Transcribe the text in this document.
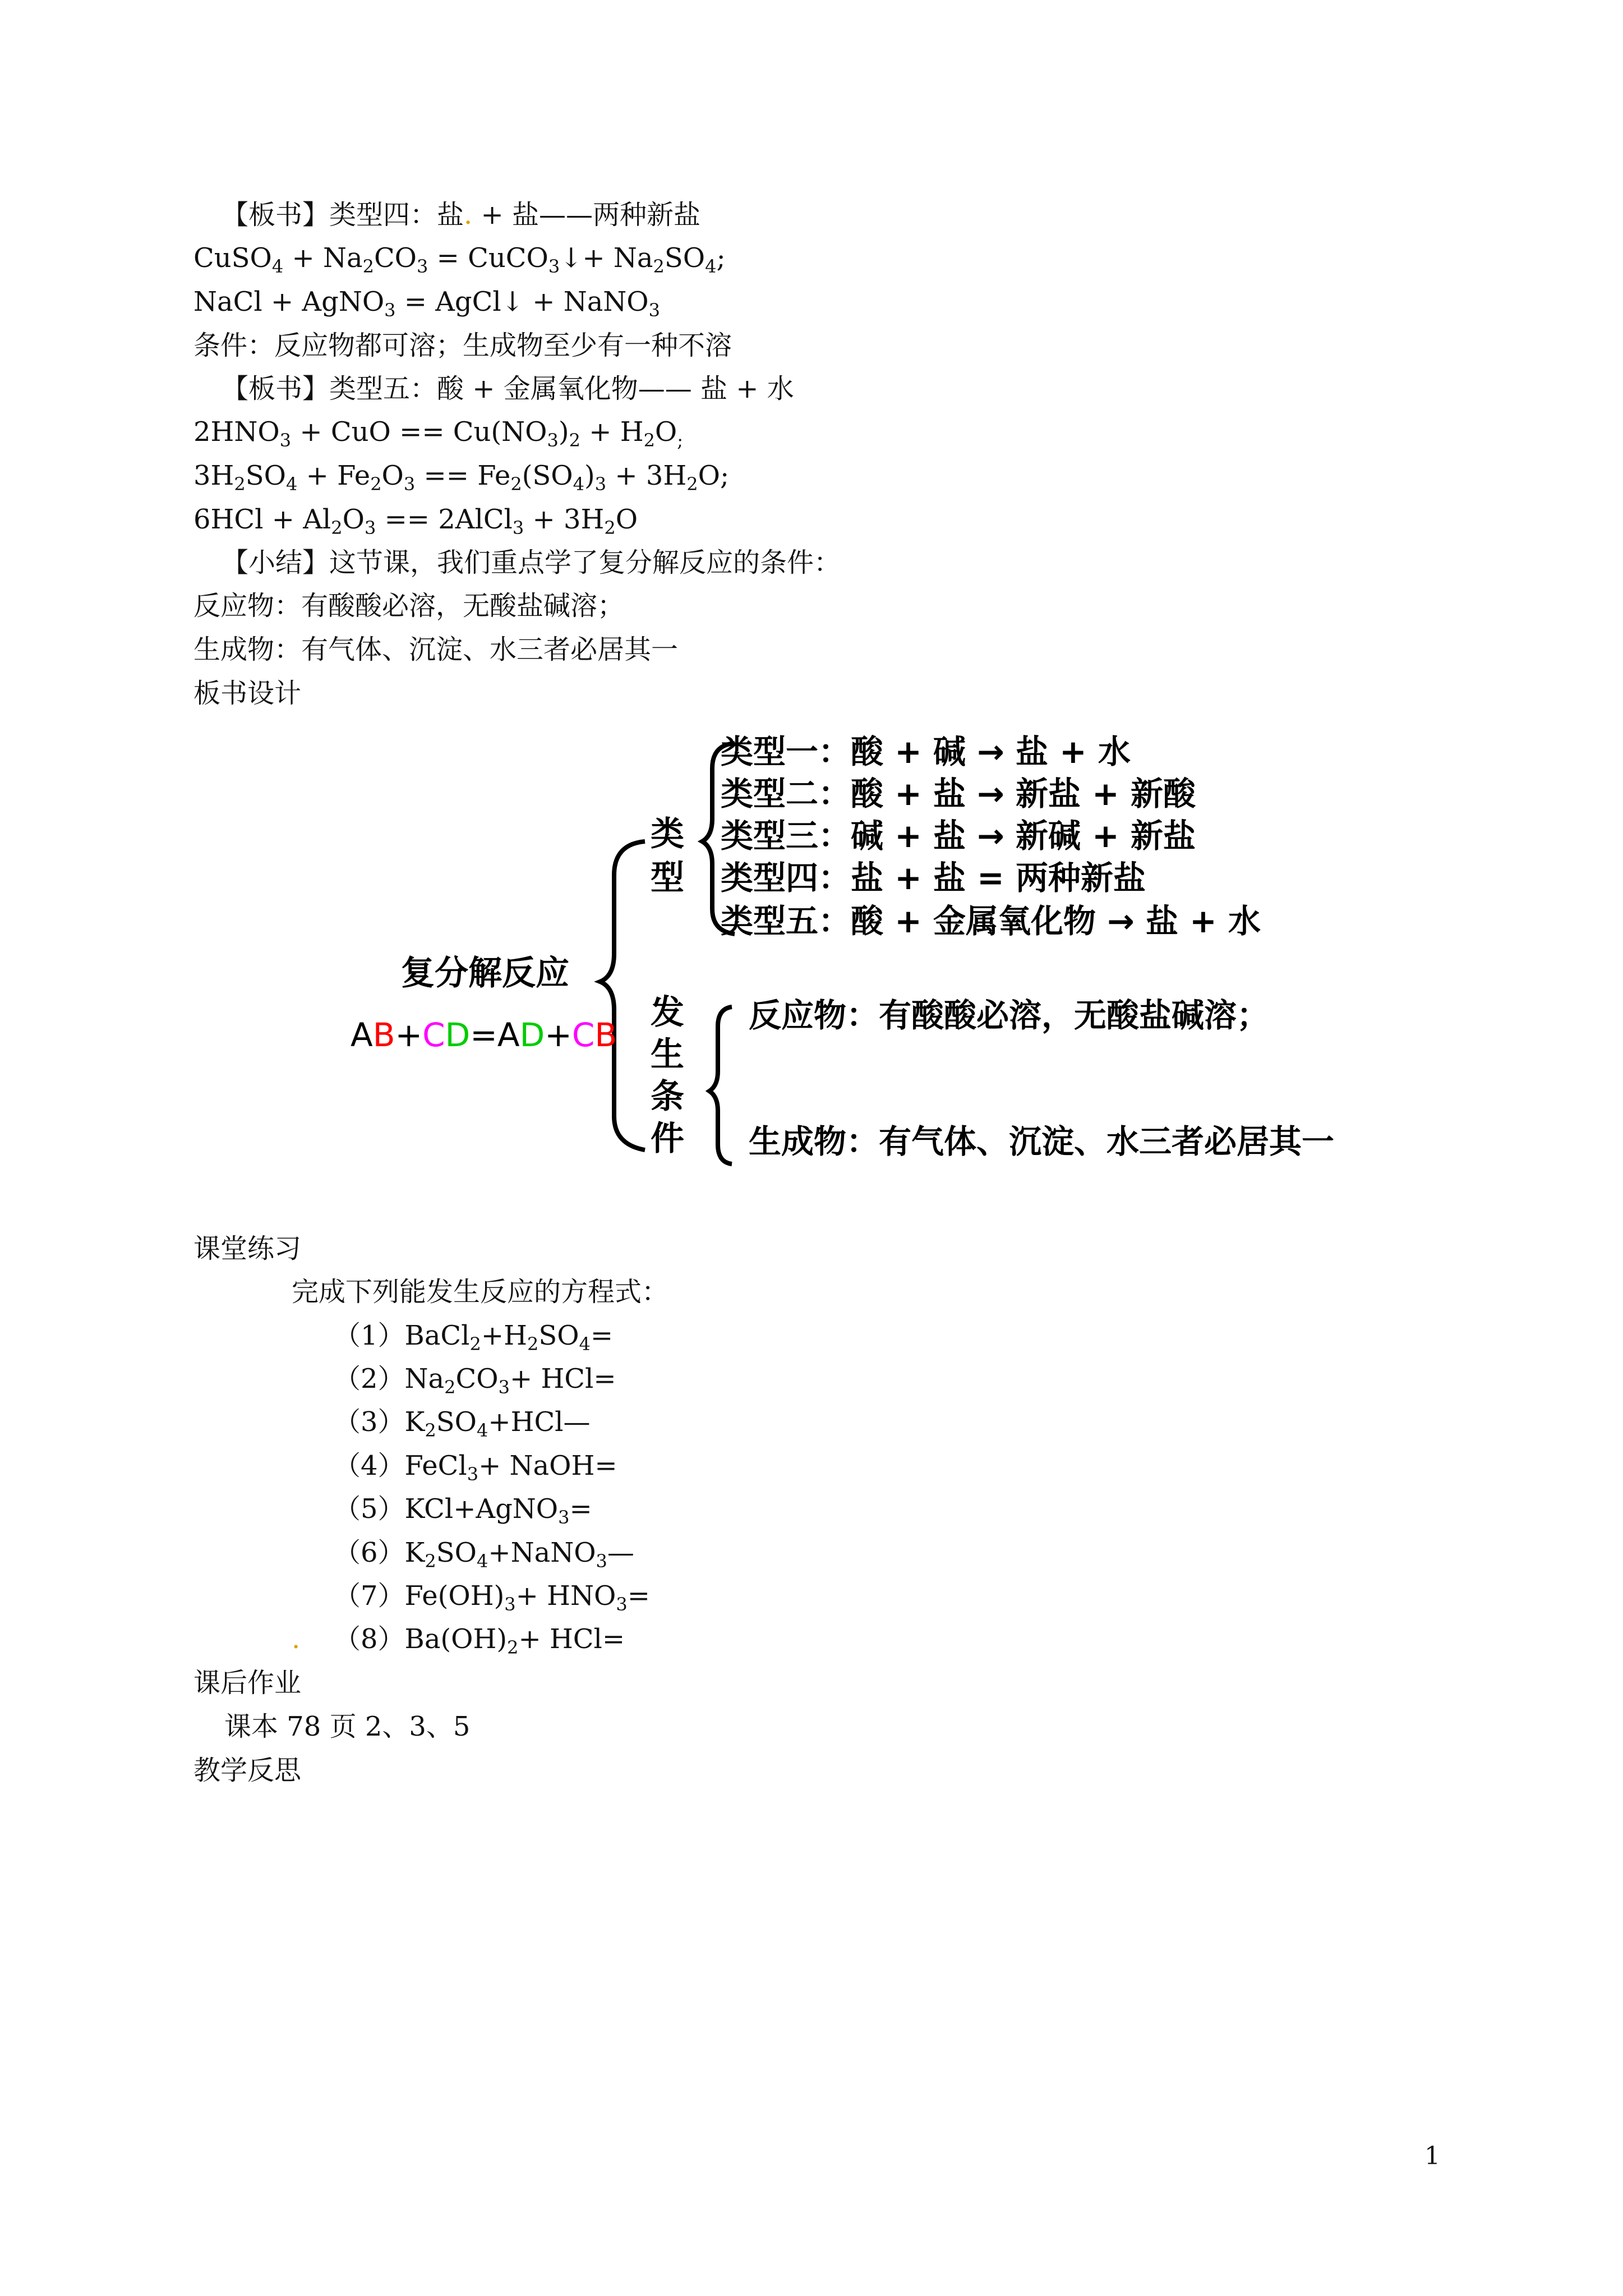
【板书】类型四：盐. + 盐——两种新盐
CuSO$_4$ + $Na_2CO_3$ = CuCO$_3$↓+ $Na_2SO_4$;
NaCl + AgNO$_3$ = AgCl↓ + NaNO$_3$
条件：反应物都可溶；生成物至少有一种不溶
【板书】类型五：酸 + 金属氧化物—— 盐 + 水
$2HNO_3$ + CuO == $Cu(NO_3)_2 + H_2O_;$
$3H_2SO_4 + Fe_2O_3 == Fe_2(SO_4)_3 + 3H_2O$;
$6HCl + Al_2O_3$ == 2AlCl$_3$ + $3H_2O$
【小结】这节课，我们重点学了复分解反应的条件：
反应物：有酸酸必溶，无酸盐碱溶；
生成物：有气体、沉淀、水三者必居其一
板书设计
复分解反应
AB+CD=AD+CB
类
型
类型一：酸 + 碱 → 盐 + 水
类型二：酸 + 盐 → 新盐 + 新酸
类型三：碱 + 盐 → 新碱 + 新盐
类型四：盐 + 盐 = 两种新盐
类型五：酸 + 金属氧化物 → 盐 + 水
发
生
条
件
反应物：有酸酸必溶，无酸盐碱溶；
生成物：有气体、沉淀、水三者必居其一
课堂练习
完成下列能发生反应的方程式：
$(1)BaCl_2+H_2SO_4=$
$(2)Na_2CO_3+ HCl=$
$(3)K_2SO_4+HCl—$
（4）FeCl$_3$+ NaOH=
（5）KCl+AgNO$_3$=
$(6)K_2SO_4+NaNO_3—$
$(7)Fe(OH)_3+ HNO_3=$
. $(8)Ba(OH)_2+ HCl=$
课后作业
课本 78 页 2、3、5
教学反思
1
